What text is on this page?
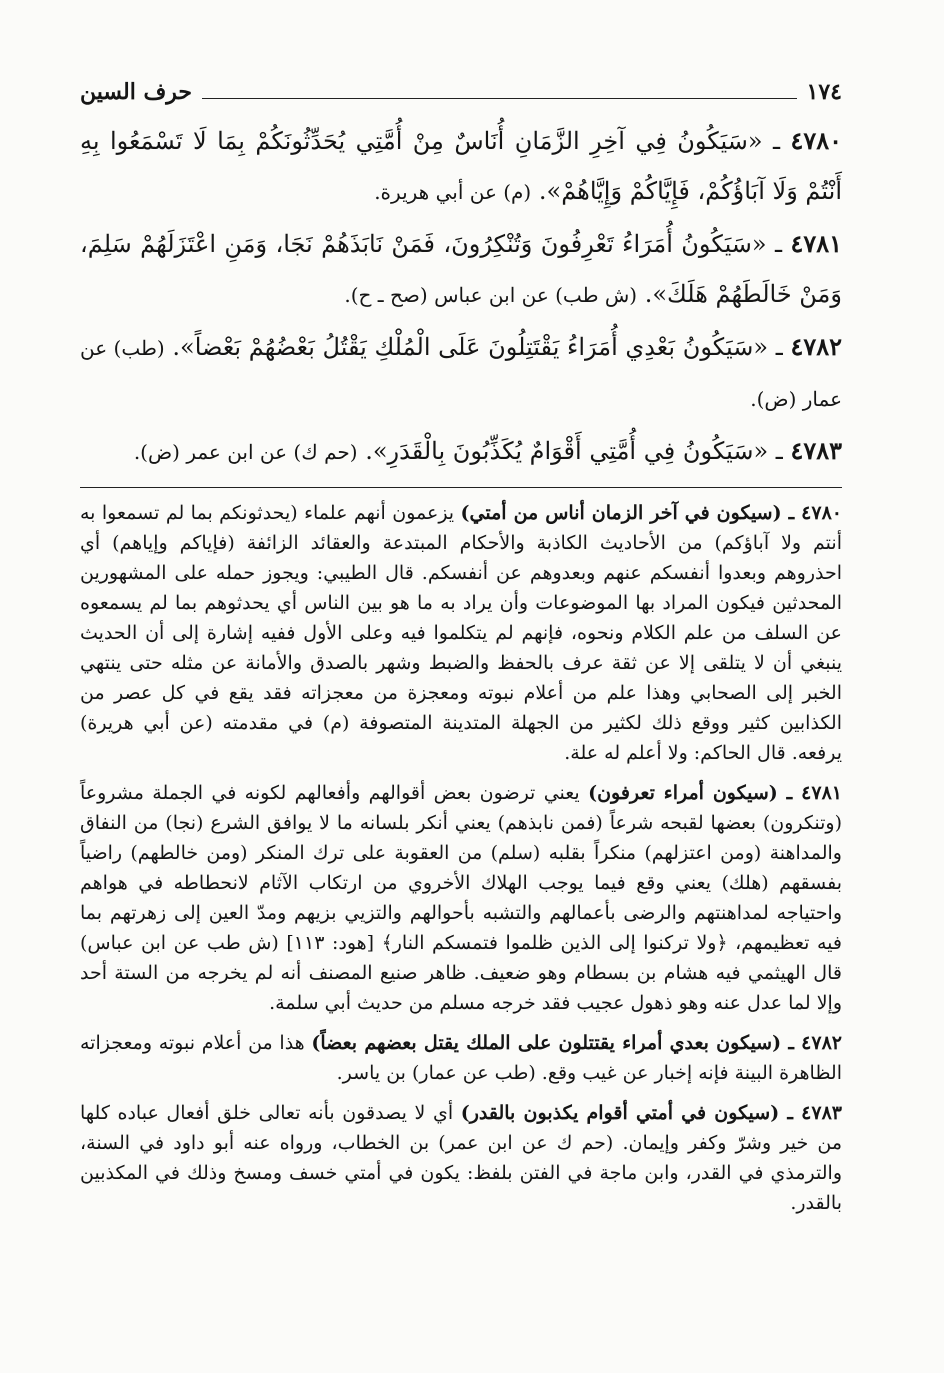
١٧٤
حرف السين

٤٧٨٠ ـ «سَيَكُونُ فِي آخِرِ الزَّمَانِ أُنَاسٌ مِنْ أُمَّتِي يُحَدِّثُونَكُمْ بِمَا لَا تَسْمَعُوا بِهِ أَنْتُمْ وَلَا آبَاؤُكُمْ، فَإِيَّاكُمْ وَإِيَّاهُمْ». (م) عن أبي هريرة.

٤٧٨١ ـ «سَيَكُونُ أُمَرَاءُ تَعْرِفُونَ وَتُنْكِرُونَ، فَمَنْ نَابَذَهُمْ نَجَا، وَمَنِ اعْتَزَلَهُمْ سَلِمَ، وَمَنْ خَالَطَهُمْ هَلَكَ». (ش طب) عن ابن عباس (صح ـ ح).

٤٧٨٢ ـ «سَيَكُونُ بَعْدِي أُمَرَاءُ يَقْتَتِلُونَ عَلَى الْمُلْكِ يَقْتُلُ بَعْضُهُمْ بَعْضاً». (طب) عن عمار (ض).

٤٧٨٣ ـ «سَيَكُونُ فِي أُمَّتِي أَقْوَامٌ يُكَذِّبُونَ بِالْقَدَرِ». (حم ك) عن ابن عمر (ض).

٤٧٨٠ ـ (سيكون في آخر الزمان أناس من أمتي) يزعمون أنهم علماء (يحدثونكم بما لم تسمعوا به أنتم ولا آباؤكم) من الأحاديث الكاذبة والأحكام المبتدعة والعقائد الزائفة (فإياكم وإياهم) أي احذروهم وبعدوا أنفسكم عنهم وبعدوهم عن أنفسكم. قال الطيبي: ويجوز حمله على المشهورين المحدثين فيكون المراد بها الموضوعات وأن يراد به ما هو بين الناس أي يحدثوهم بما لم يسمعوه عن السلف من علم الكلام ونحوه، فإنهم لم يتكلموا فيه وعلى الأول ففيه إشارة إلى أن الحديث ينبغي أن لا يتلقى إلا عن ثقة عرف بالحفظ والضبط وشهر بالصدق والأمانة عن مثله حتى ينتهي الخبر إلى الصحابي وهذا علم من أعلام نبوته ومعجزة من معجزاته فقد يقع في كل عصر من الكذابين كثير ووقع ذلك لكثير من الجهلة المتدينة المتصوفة (م) في مقدمته (عن أبي هريرة) يرفعه. قال الحاكم: ولا أعلم له علة.

٤٧٨١ ـ (سيكون أمراء تعرفون) يعني ترضون بعض أقوالهم وأفعالهم لكونه في الجملة مشروعاً (وتنكرون) بعضها لقبحه شرعاً (فمن نابذهم) يعني أنكر بلسانه ما لا يوافق الشرع (نجا) من النفاق والمداهنة (ومن اعتزلهم) منكراً بقلبه (سلم) من العقوبة على ترك المنكر (ومن خالطهم) راضياً بفسقهم (هلك) يعني وقع فيما يوجب الهلاك الأخروي من ارتكاب الآثام لانحطاطه في هواهم واحتياجه لمداهنتهم والرضى بأعمالهم والتشبه بأحوالهم والتزيي بزيهم ومدّ العين إلى زهرتهم بما فيه تعظيمهم، ﴿ولا تركنوا إلى الذين ظلموا فتمسكم النار﴾ [هود: ١١٣] (ش طب عن ابن عباس) قال الهيثمي فيه هشام بن بسطام وهو ضعيف. ظاهر صنيع المصنف أنه لم يخرجه من الستة أحد وإلا لما عدل عنه وهو ذهول عجيب فقد خرجه مسلم من حديث أبي سلمة.

٤٧٨٢ ـ (سيكون بعدي أمراء يقتتلون على الملك يقتل بعضهم بعضاً) هذا من أعلام نبوته ومعجزاته الظاهرة البينة فإنه إخبار عن غيب وقع. (طب عن عمار) بن ياسر.

٤٧٨٣ ـ (سيكون في أمتي أقوام يكذبون بالقدر) أي لا يصدقون بأنه تعالى خلق أفعال عباده كلها من خير وشرّ وكفر وإيمان. (حم ك عن ابن عمر) بن الخطاب، ورواه عنه أبو داود في السنة، والترمذي في القدر، وابن ماجة في الفتن بلفظ: يكون في أمتي خسف ومسخ وذلك في المكذبين بالقدر.
